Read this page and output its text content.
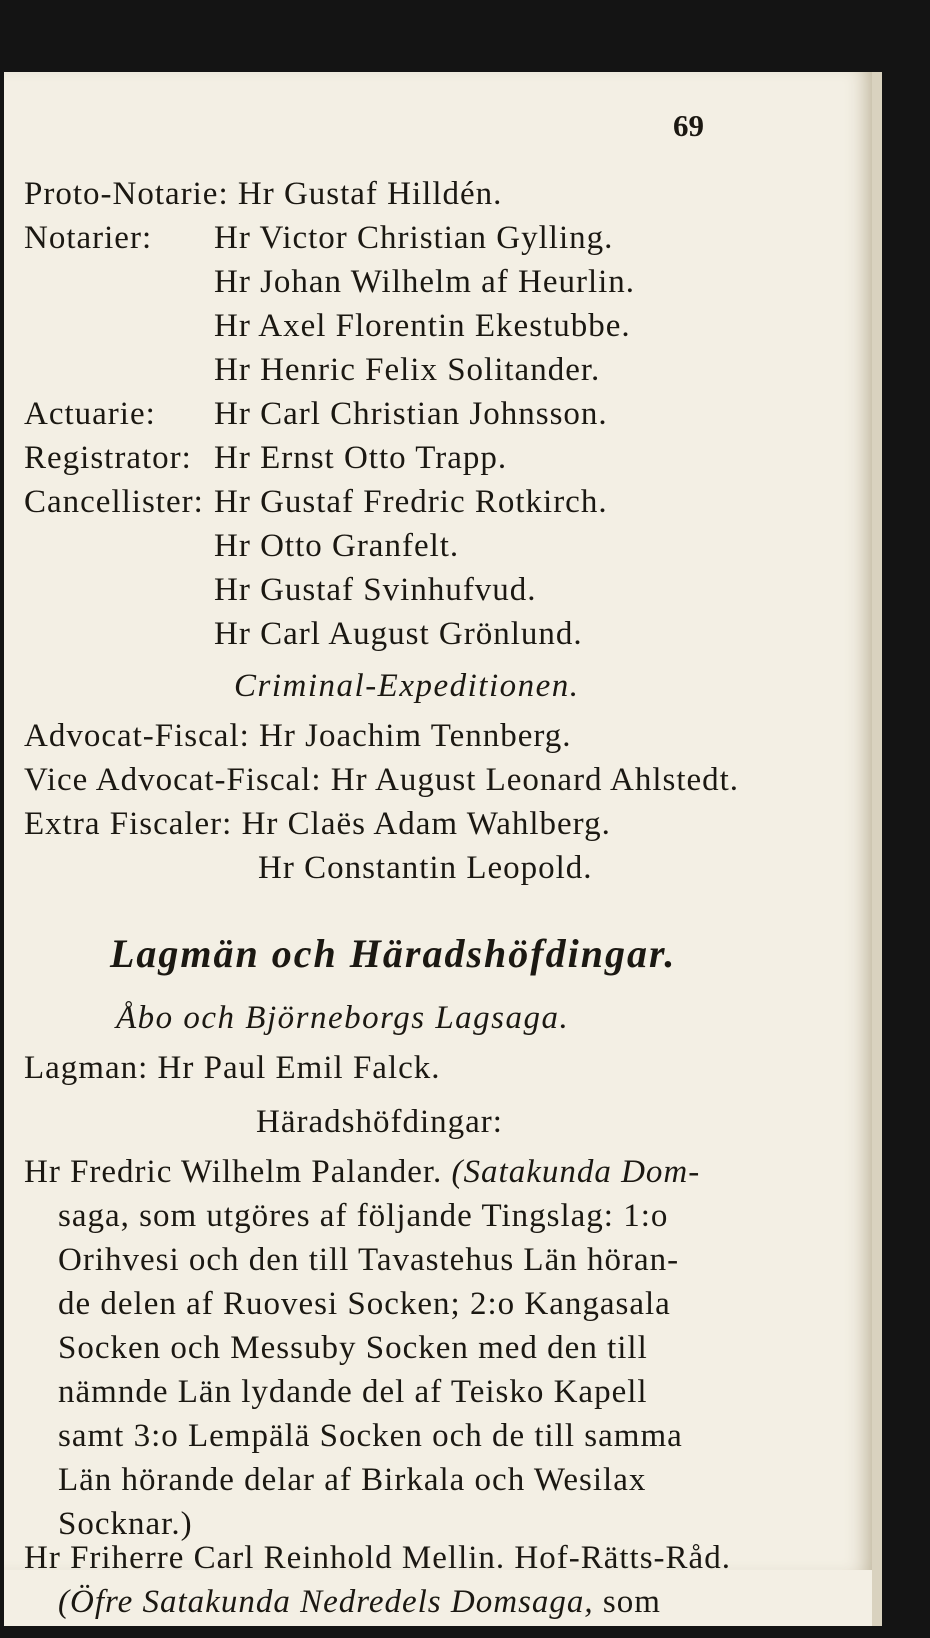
69
Proto-Notarie: Hr Gustaf Hilldén.
Notarier:	Hr Victor Christian Gylling.
Hr Johan Wilhelm af Heurlin.
Hr Axel Florentin Ekestubbe.
Hr Henric Felix Solitander.
Actuarie: Hr Carl Christian Johnsson.
Registrator: Hr Ernst Otto Trapp.
Cancellister: Hr Gustaf Fredric Rotkirch.
Hr Otto Granfelt.
Hr Gustaf Svinhufvud.
Hr Carl August Grönlund.
Criminal-Expeditionen.
Advocat-Fiscal: Hr Joachim Tennberg.
Vice Advocat-Fiscal: Hr August Leonard Ahlstedt.
Extra Fiscaler: Hr Claës Adam Wahlberg.
Hr Constantin Leopold.
Lagmän och Häradshöfdingar.
Åbo och Björneborgs Lagsaga.
Lagman: Hr Paul Emil Falck.
Häradshöfdingar:
Hr Fredric Wilhelm Palander. (Satakunda Dom-
saga, som utgöres af följande Tingslag: 1:o
Orihvesi och den till Tavastehus Län höran-
de delen af Ruovesi Socken; 2:o Kangasala
Socken och Messuby Socken med den till
nämnde Län lydande del af Teisko Kapell
samt 3:o Lempälä Socken och de till samma
Län hörande delar af Birkala och Wesilax
Socknar.)
Hr Friherre Carl Reinhold Mellin. Hof-Rätts-Råd.
(Öfre Satakunda Nedredels Domsaga, som
